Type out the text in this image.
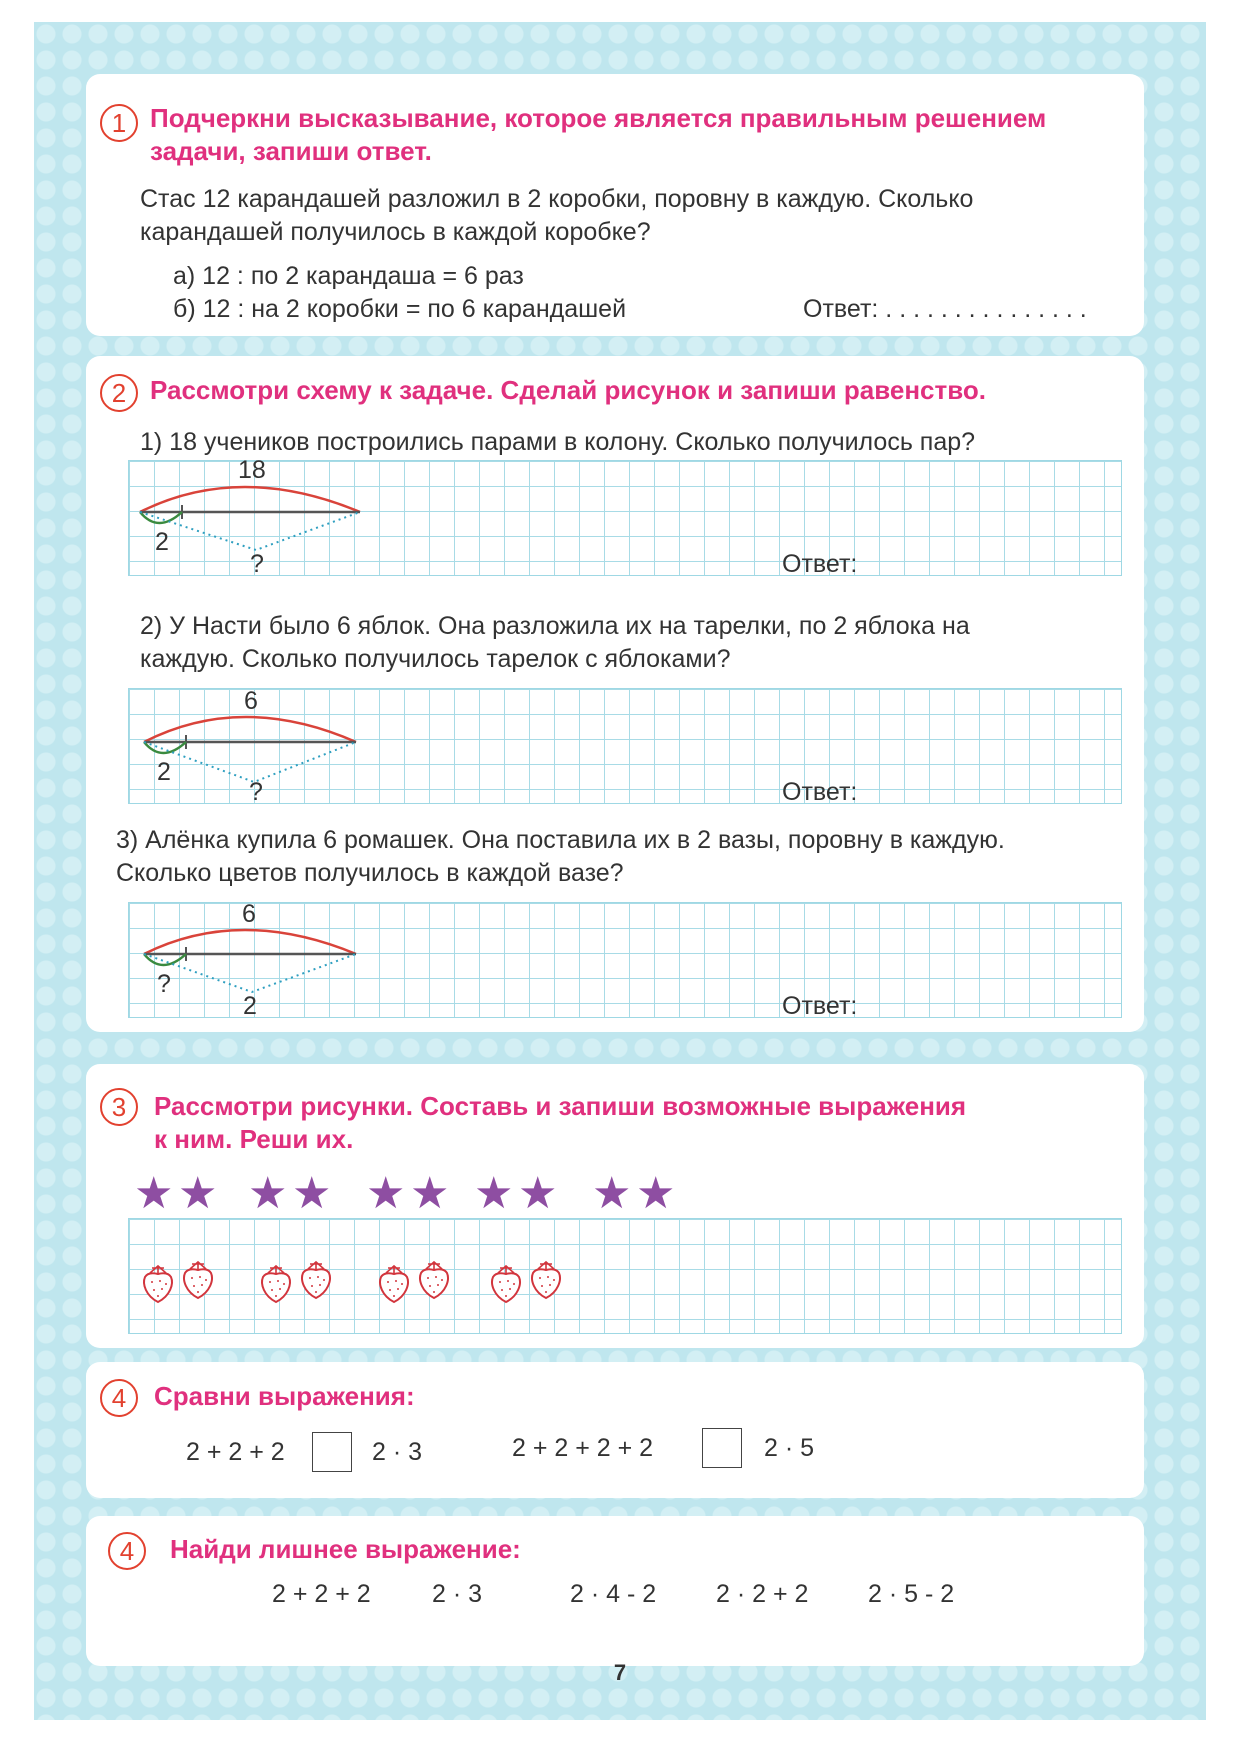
1 Подчеркни высказывание, которое является правильным решением
задачи, запиши ответ.
Стас 12 карандашей разложил в 2 коробки, поровну в каждую. Сколько
карандашей получилось в каждой коробке?
а) 12 : по 2 карандаша = 6 раз
б) 12 : на 2 коробки = по 6 карандашей	Ответ: . . . . . . . . . . . . . . .
2 Рассмотри схему к задаче. Сделай рисунок и запиши равенство.
1) 18 учеников построились парами в колону. Сколько получилось пар?
18
2
?	Ответ:
2) У Насти было 6 яблок. Она разложила их на тарелки, по 2 яблока на
каждую. Сколько получилось тарелок с яблоками?
6
2
?	Ответ:
3) Алёнка купила 6 ромашек. Она поставила их в 2 вазы, поровну в каждую.
Сколько цветов получилось в каждой вазе?
6
?
2	Ответ:
3	Рассмотри рисунки. Составь и запиши возможные выражения
к ним. Реши их.
★ ★ ★ ★ ★ ★ ★ ★ ★ ★
4	Сравни выражения:
2 + 2 + 2	2 · 3	2 + 2 + 2 + 2	2 · 5
4	Найди лишнее выражение:
2 + 2 + 2 2 · 3	2 · 4 - 2 2 · 2 + 2 2 · 5 - 2
7
